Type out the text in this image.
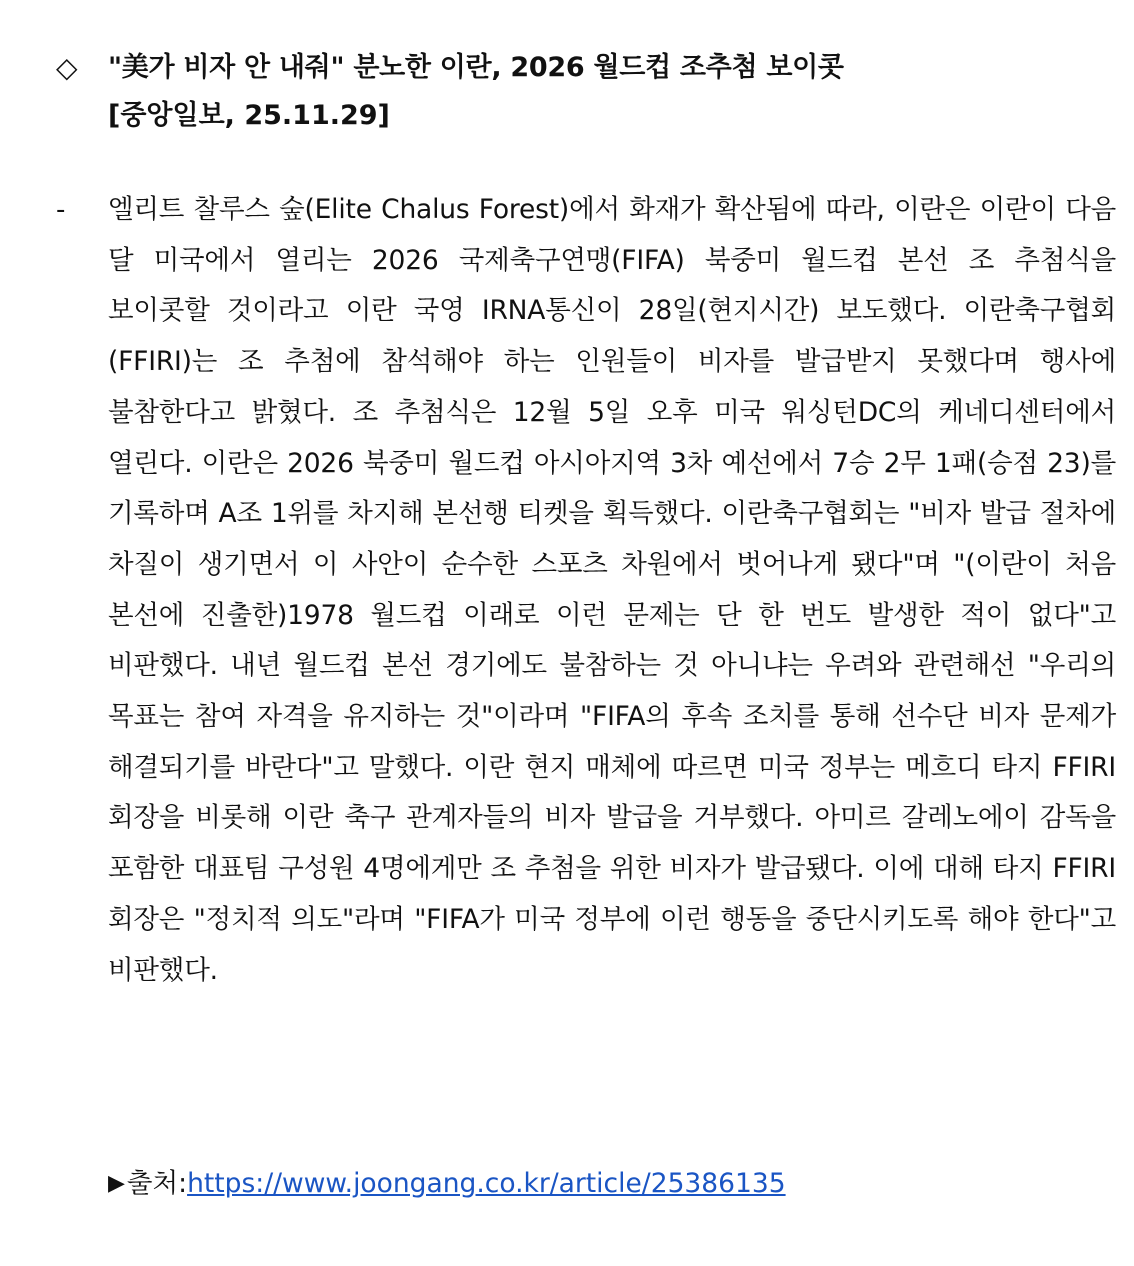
◇	"美가 비자 안 내줘" 분노한 이란, 2026 월드컵 조추첨 보이콧
[중앙일보, 25.11.29]
-	엘리트 찰루스 숲(Elite Chalus Forest)에서 화재가 확산됨에 따라, 이란은 이란이 다음 달 미국에서 열리는 2026 국제축구연맹(FIFA) 북중미 월드컵 본선 조 추첨식을 보이콧할 것이라고 이란 국영 IRNA통신이 28일(현지시간) 보도했다. 이란축구협회(FFIRI)는 조 추첨에 참석해야 하는 인원들이 비자를 발급받지 못했다며 행사에 불참한다고 밝혔다. 조 추첨식은 12월 5일 오후 미국 워싱턴DC의 케네디센터에서 열린다. 이란은 2026 북중미 월드컵 아시아지역 3차 예선에서 7승 2무 1패(승점 23)를 기록하며 A조 1위를 차지해 본선행 티켓을 획득했다. 이란축구협회는 "비자 발급 절차에 차질이 생기면서 이 사안이 순수한 스포츠 차원에서 벗어나게 됐다"며 "(이란이 처음 본선에 진출한)1978 월드컵 이래로 이런 문제는 단 한 번도 발생한 적이 없다"고 비판했다. 내년 월드컵 본선 경기에도 불참하는 것 아니냐는 우려와 관련해선 "우리의 목표는 참여 자격을 유지하는 것"이라며 "FIFA의 후속 조치를 통해 선수단 비자 문제가 해결되기를 바란다"고 말했다. 이란 현지 매체에 따르면 미국 정부는 메흐디 타지 FFIRI 회장을 비롯해 이란 축구 관계자들의 비자 발급을 거부했다. 아미르 갈레노에이 감독을 포함한 대표팀 구성원 4명에게만 조 추첨을 위한 비자가 발급됐다. 이에 대해 타지 FFIRI 회장은 "정치적 의도"라며 "FIFA가 미국 정부에 이런 행동을 중단시키도록 해야 한다"고 비판했다.
▶ 출처: https://www.joongang.co.kr/article/25386135
